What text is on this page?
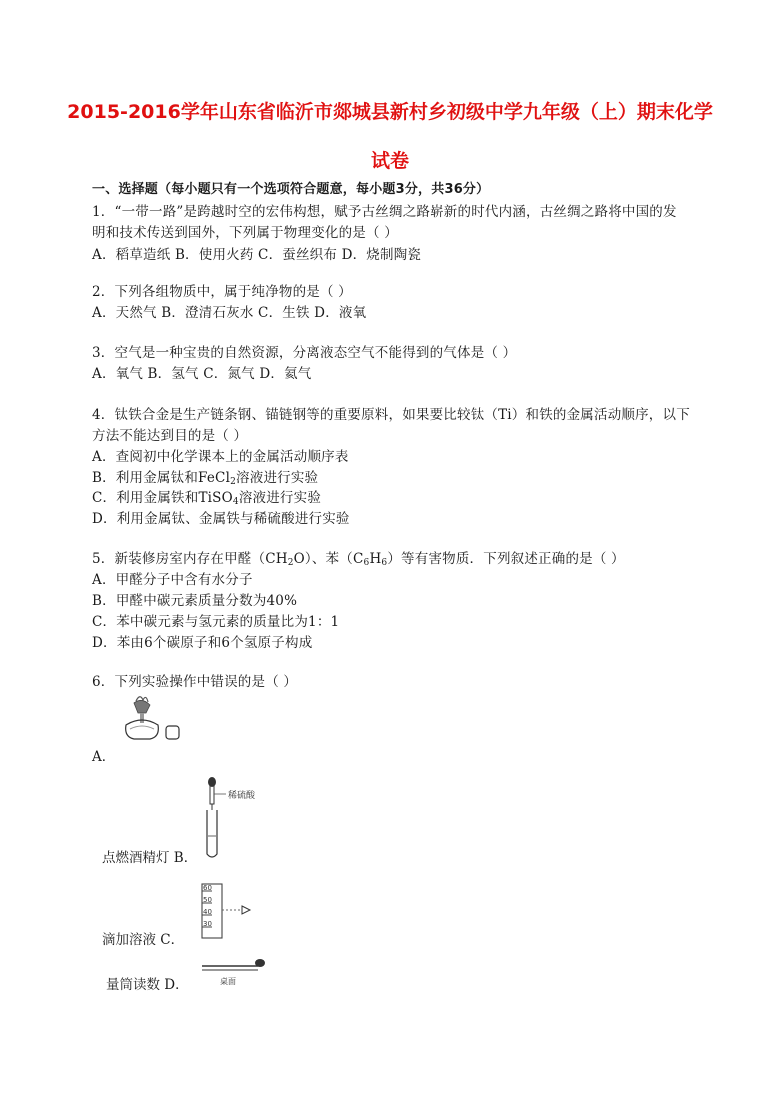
2015-2016学年山东省临沂市郯城县新村乡初级中学九年级（上）期末化学
试卷
一、选择题（每小题只有一个选项符合题意，每小题3分，共36分）
1．“一带一路”是跨越时空的宏伟构想，赋予古丝绸之路崭新的时代内涵，古丝绸之路将中国的发
明和技术传送到国外，下列属于物理变化的是（ ）
A．稻草造纸 B．使用火药 C．蚕丝织布 D．烧制陶瓷
2．下列各组物质中，属于纯净物的是（ ）
A．天然气 B．澄清石灰水 C．生铁 D．液氧
3．空气是一种宝贵的自然资源，分离液态空气不能得到的气体是（ ）
A．氧气 B．氢气 C．氮气 D．氦气
4．钛铁合金是生产链条钢、锚链钢等的重要原料，如果要比较钛（Ti）和铁的金属活动顺序，以下
方法不能达到目的是（ ）
A．查阅初中化学课本上的金属活动顺序表
B．利用金属钛和FeCl$_2$溶液进行实验
C．利用金属铁和TiSO$_4$溶液进行实验
D．利用金属钛、金属铁与稀硫酸进行实验
5．新装修房室内存在甲醛$(CH_2O)$、苯$(C_6H_6)$等有害物质．下列叙述正确的是（ ）
A．甲醛分子中含有水分子
B．甲醛中碳元素质量分数为40%
C．苯中碳元素与氢元素的质量比为1：1
D．苯由6个碳原子和6个氢原子构成
6．下列实验操作中错误的是（ ）
A．
稀硫酸
点燃酒精灯 B．
60
50
40
30
滴加溶液 C．
桌面
量筒读数 D．
